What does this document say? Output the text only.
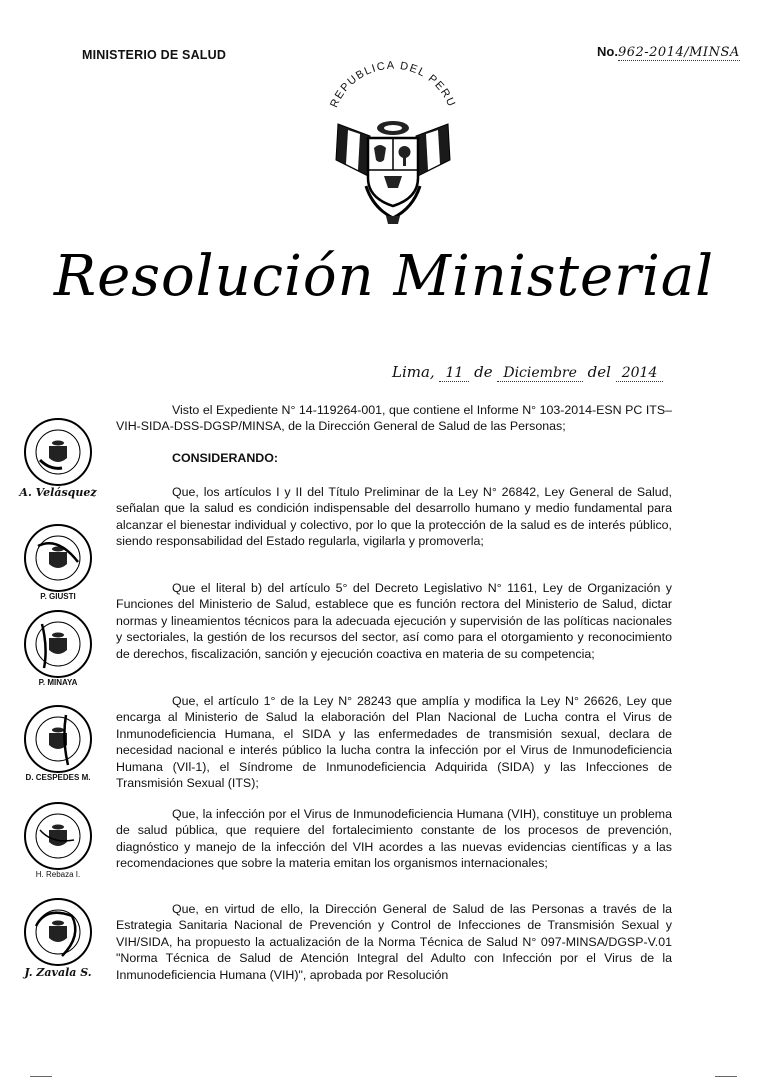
MINISTERIO DE SALUD	No.962-2014/MINSA
REPUBLICA DEL PERU
Resolución Ministerial
Lima, 11 de Diciembre del 2014
Visto el Expediente N° 14-119264-001, que contiene el Informe N° 103-2014-ESN PC ITS–VIH-SIDA-DSS-DGSP/MINSA, de la Dirección General de Salud de las Personas;
CONSIDERANDO:
Que, los artículos I y II del Título Preliminar de la Ley N° 26842, Ley General de Salud, señalan que la salud es condición indispensable del desarrollo humano y medio fundamental para alcanzar el bienestar individual y colectivo, por lo que la protección de la salud es de interés público, siendo responsabilidad del Estado regularla, vigilarla y promoverla;
Que el literal b) del artículo 5° del Decreto Legislativo N° 1161, Ley de Organización y Funciones del Ministerio de Salud, establece que es función rectora del Ministerio de Salud, dictar normas y lineamientos técnicos para la adecuada ejecución y supervisión de las políticas nacionales y sectoriales, la gestión de los recursos del sector, así como para el otorgamiento y reconocimiento de derechos, fiscalización, sanción y ejecución coactiva en materia de su competencia;
Que, el artículo 1° de la Ley N° 28243 que amplía y modifica la Ley N° 26626, Ley que encarga al Ministerio de Salud la elaboración del Plan Nacional de Lucha contra el Virus de Inmunodeficiencia Humana, el SIDA y las enfermedades de transmisión sexual, declara de necesidad nacional e interés público la lucha contra la infección por el Virus de Inmunodeficiencia Humana (VIl-1), el Síndrome de Inmunodeficiencia Adquirida (SIDA) y las Infecciones de Transmisión Sexual (ITS);
Que, la infección por el Virus de Inmunodeficiencia Humana (VIH), constituye un problema de salud pública, que requiere del fortalecimiento constante de los procesos de prevención, diagnóstico y manejo de la infección del VIH acordes a las nuevas evidencias científicas y a las recomendaciones que sobre la materia emitan los organismos internacionales;
Que, en virtud de ello, la Dirección General de Salud de las Personas a través de la Estrategia Sanitaria Nacional de Prevención y Control de Infecciones de Transmisión Sexual y VIH/SIDA, ha propuesto la actualización de la Norma Técnica de Salud N° 097-MINSA/DGSP-V.01 "Norma Técnica de Salud de Atención Integral del Adulto con Infección por el Virus de la Inmunodeficiencia Humana (VIH)", aprobada por Resolución
A. Velásquez
P. GIUSTI
P. MINAYA
D. CESPEDES M.
H. Rebaza I.
J. Zavala S.
